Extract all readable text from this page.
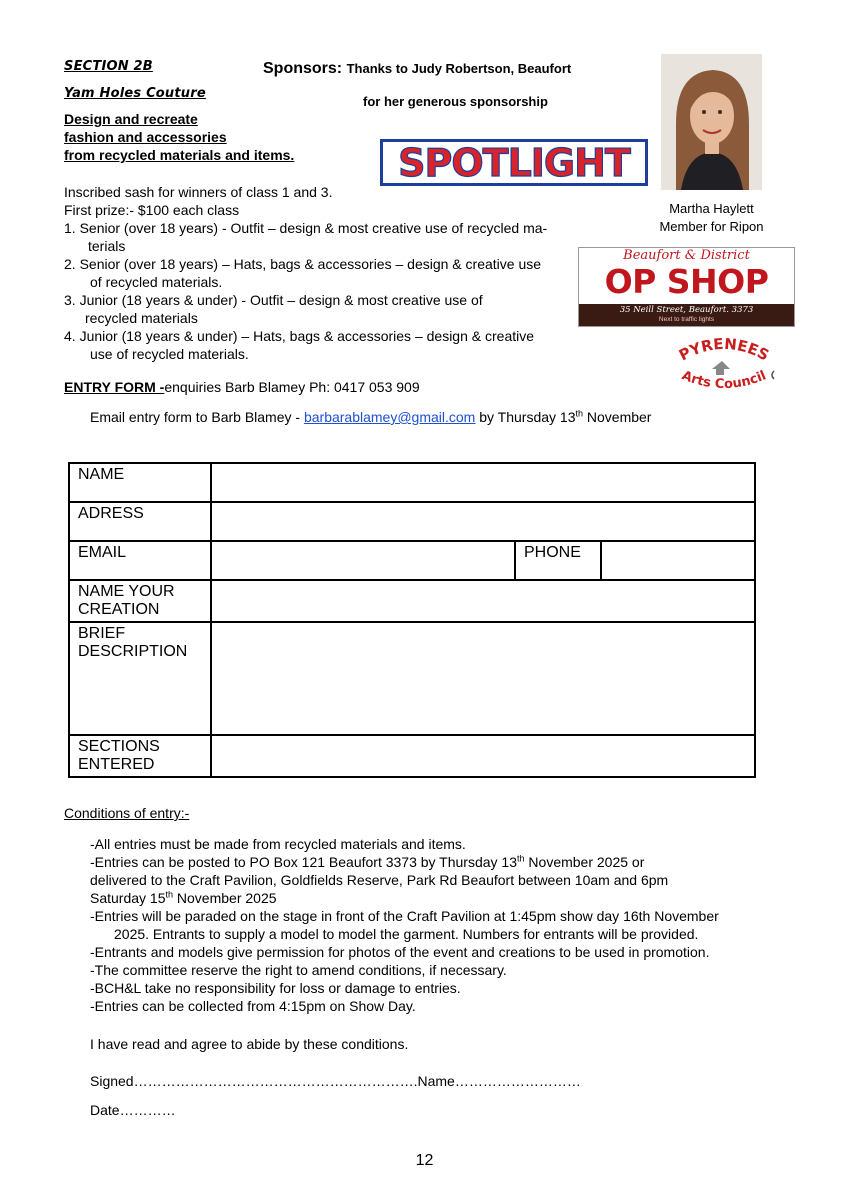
SECTION 2B
Yam Holes Couture
Design and recreate
fashion and accessories
from recycled materials and items.
Sponsors: Thanks to Judy Robertson, Beaufort
for her generous sponsorship
SPOTLIGHT
Martha Haylett
Member for Ripon
Beaufort & District
OP SHOP
35 Neill Street, Beaufort. 3373
Next to traffic lights
PYRENEES
Arts Council
Inscribed sash for winners of class 1 and 3.
First prize:- $100 each class
1. Senior (over 18 years) - Outfit – design & most creative use of recycled ma-
terials
2. Senior (over 18 years) – Hats, bags & accessories – design & creative use
of recycled materials.
3. Junior (18 years & under) - Outfit – design & most creative use of
recycled materials
4. Junior (18 years & under) – Hats, bags & accessories – design & creative
use of recycled materials.
ENTRY FORM -enquiries Barb Blamey Ph: 0417 053 909
Email entry form to Barb Blamey - barbarablamey@gmail.com by Thursday 13th November
NAME			
ADRESS			
EMAIL		PHONE	
NAME YOUR CREATION			
BRIEF DESCRIPTION			
SECTIONS ENTERED			
Conditions of entry:-

-All entries must be made from recycled materials and items.

-Entries can be posted to PO Box 121 Beaufort 3373 by Thursday 13th November 2025 or

delivered to the Craft Pavilion, Goldfields Reserve, Park Rd Beaufort between 10am and 6pm

Saturday 15th November 2025

-Entries will be paraded on the stage in front of the Craft Pavilion at 1:45pm show day 16th November

2025. Entrants to supply a model to model the garment. Numbers for entrants will be provided.

-Entrants and models give permission for photos of the event and creations to be used in promotion.

-The committee reserve the right to amend conditions, if necessary.

-BCH&L take no responsibility for loss or damage to entries.

-Entries can be collected from 4:15pm on Show Day.

I have read and agree to abide by these conditions.
Signed…………………………………………………….Name………………………
Date…………
12
